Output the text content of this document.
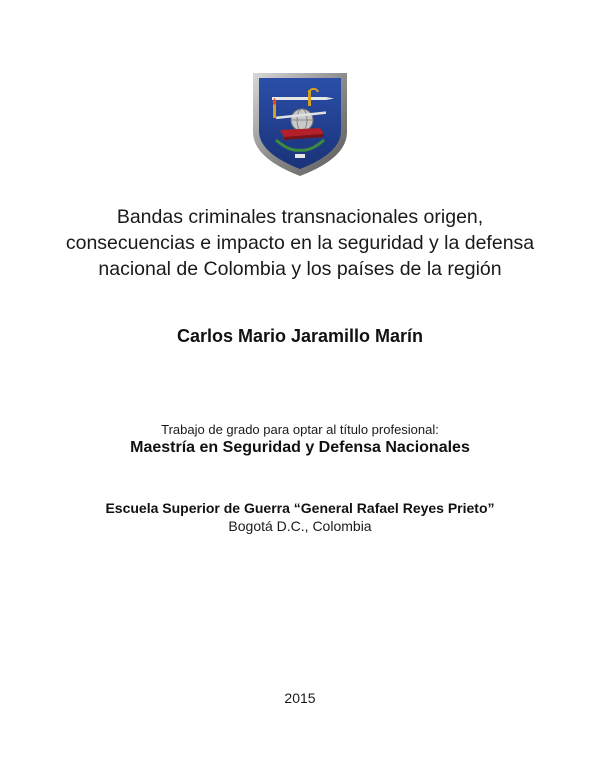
Bandas criminales transnacionales origen, consecuencias e impacto en la seguridad y la defensa nacional de Colombia y los países de la región
Carlos Mario Jaramillo Marín
Trabajo de grado para optar al título profesional:
Maestría en Seguridad y Defensa Nacionales
Escuela Superior de Guerra “General Rafael Reyes Prieto”
Bogotá D.C., Colombia
2015
